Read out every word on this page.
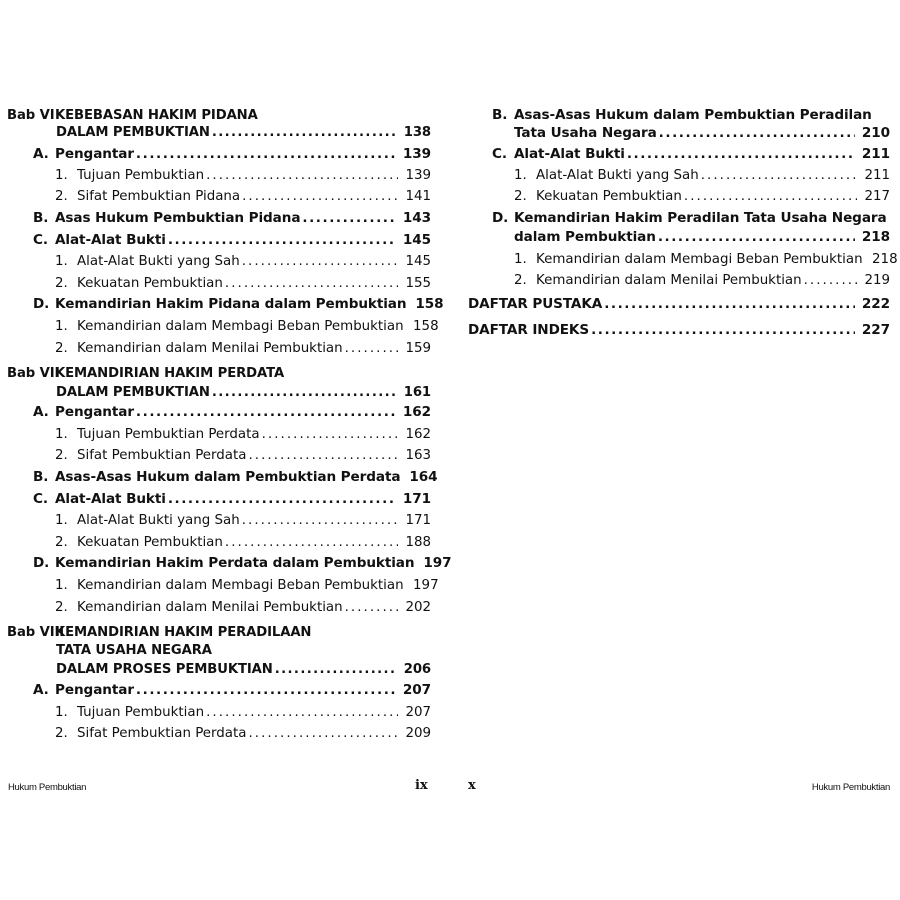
Bab VI KEBEBASAN HAKIM PIDANA
DALAM PEMBUKTIAN . . .	138
A. Pengantar . . .	139
1. Tujuan Pembuktian . . .	139
2. Sifat Pembuktian Pidana . . .	141
B. Asas Hukum Pembuktian Pidana . . .	143
C. Alat-Alat Bukti . . .	145
1. Alat-Alat Bukti yang Sah . . .	145
2. Kekuatan Pembuktian . . .	155
D. Kemandirian Hakim Pidana dalam Pembuktian 158
1. Kemandirian dalam Membagi Beban Pembuktian 158
2. Kemandirian dalam Menilai Pembuktian . . .	159
Bab VII
KEMANDIRIAN HAKIM PERDATA
DALAM PEMBUKTIAN . . .	161
A. Pengantar . . .	162
1. Tujuan Pembuktian Perdata . . .	162
2. Sifat Pembuktian Perdata . . .	163
B. Asas-Asas Hukum dalam Pembuktian Perdata 164
C. Alat-Alat Bukti . . .	171
1. Alat-Alat Bukti yang Sah . . .	171
2. Kekuatan Pembuktian . . .	188
D. Kemandirian Hakim Perdata dalam Pembuktian 197
1. Kemandirian dalam Membagi Beban Pembuktian 197
2. Kemandirian dalam Menilai Pembuktian . . .	202
Bab VIII
KEMANDIRIAN HAKIM PERADILAAN
TATA USAHA NEGARA
DALAM PROSES PEMBUKTIAN . . .	206
A. Pengantar . . .	207
1. Tujuan Pembuktian . . .	207
2. Sifat Pembuktian Perdata . . .	209
Hukum Pembuktian	ix
B. Asas-Asas Hukum dalam Pembuktian Peradilan
Tata Usaha Negara . . .	210
C. Alat-Alat Bukti . . .	211
1. Alat-Alat Bukti yang Sah . . .	211
2. Kekuatan Pembuktian . . .	217
D. Kemandirian Hakim Peradilan Tata Usaha Negara
dalam Pembuktian . . .	218
1. Kemandirian dalam Membagi Beban Pembuktian 218
2. Kemandirian dalam Menilai Pembuktian . . .	219
DAFTAR PUSTAKA . . .	222
DAFTAR INDEKS . . .	227
x	Hukum Pembuktian
